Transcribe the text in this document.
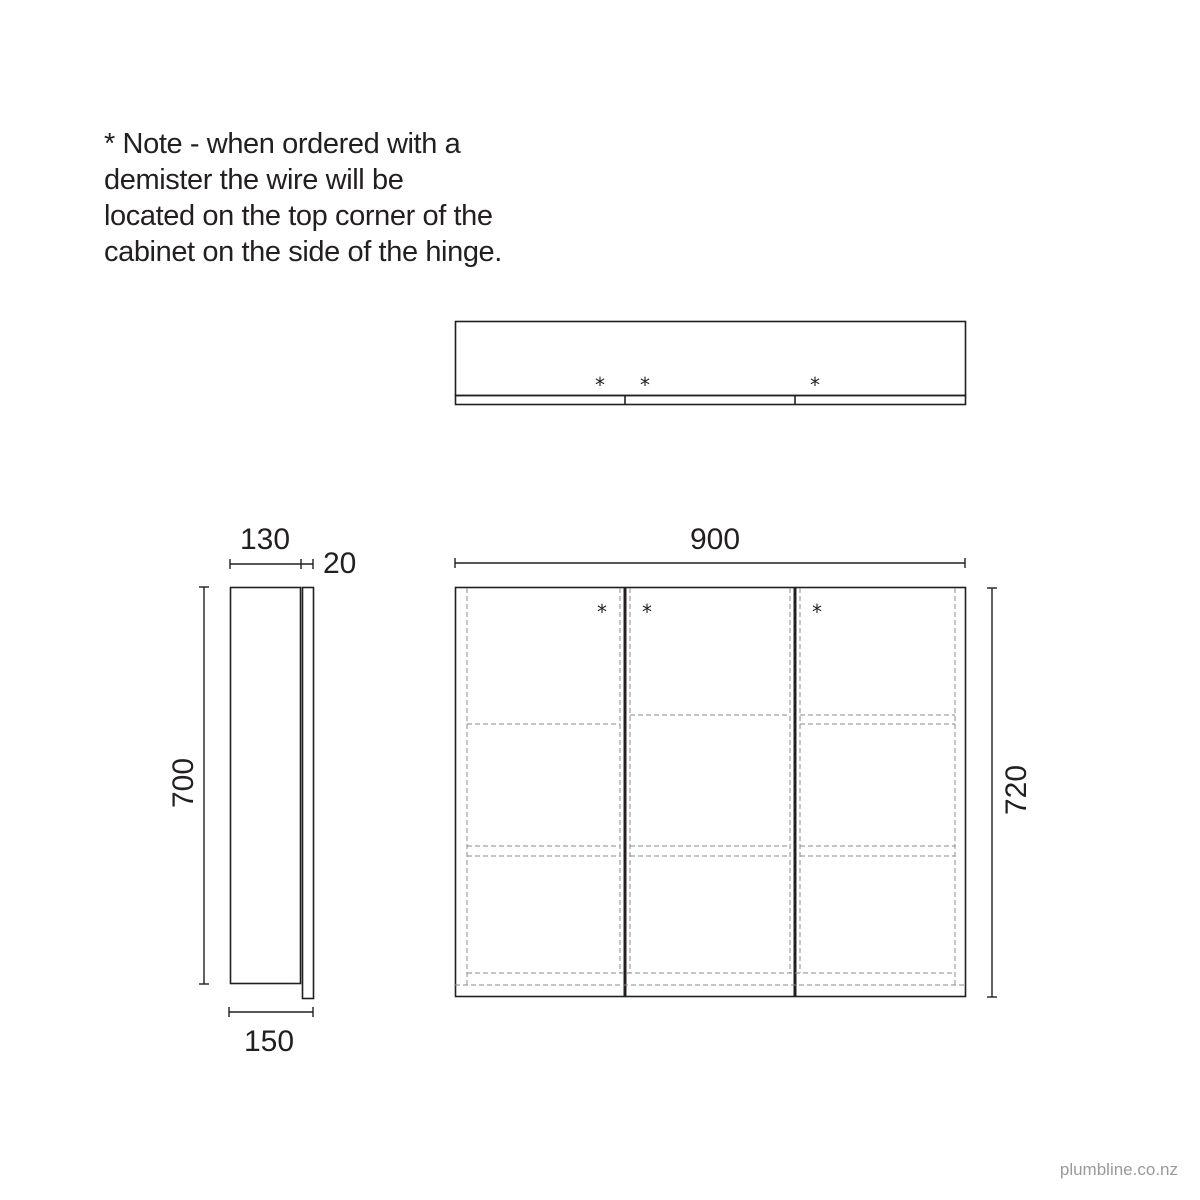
* Note - when ordered with a
demister the wire will be
located on the top corner of the
cabinet on the side of the hinge.
* *	*
130
20
700
150
* *	*
900
720
plumbline.co.nz
